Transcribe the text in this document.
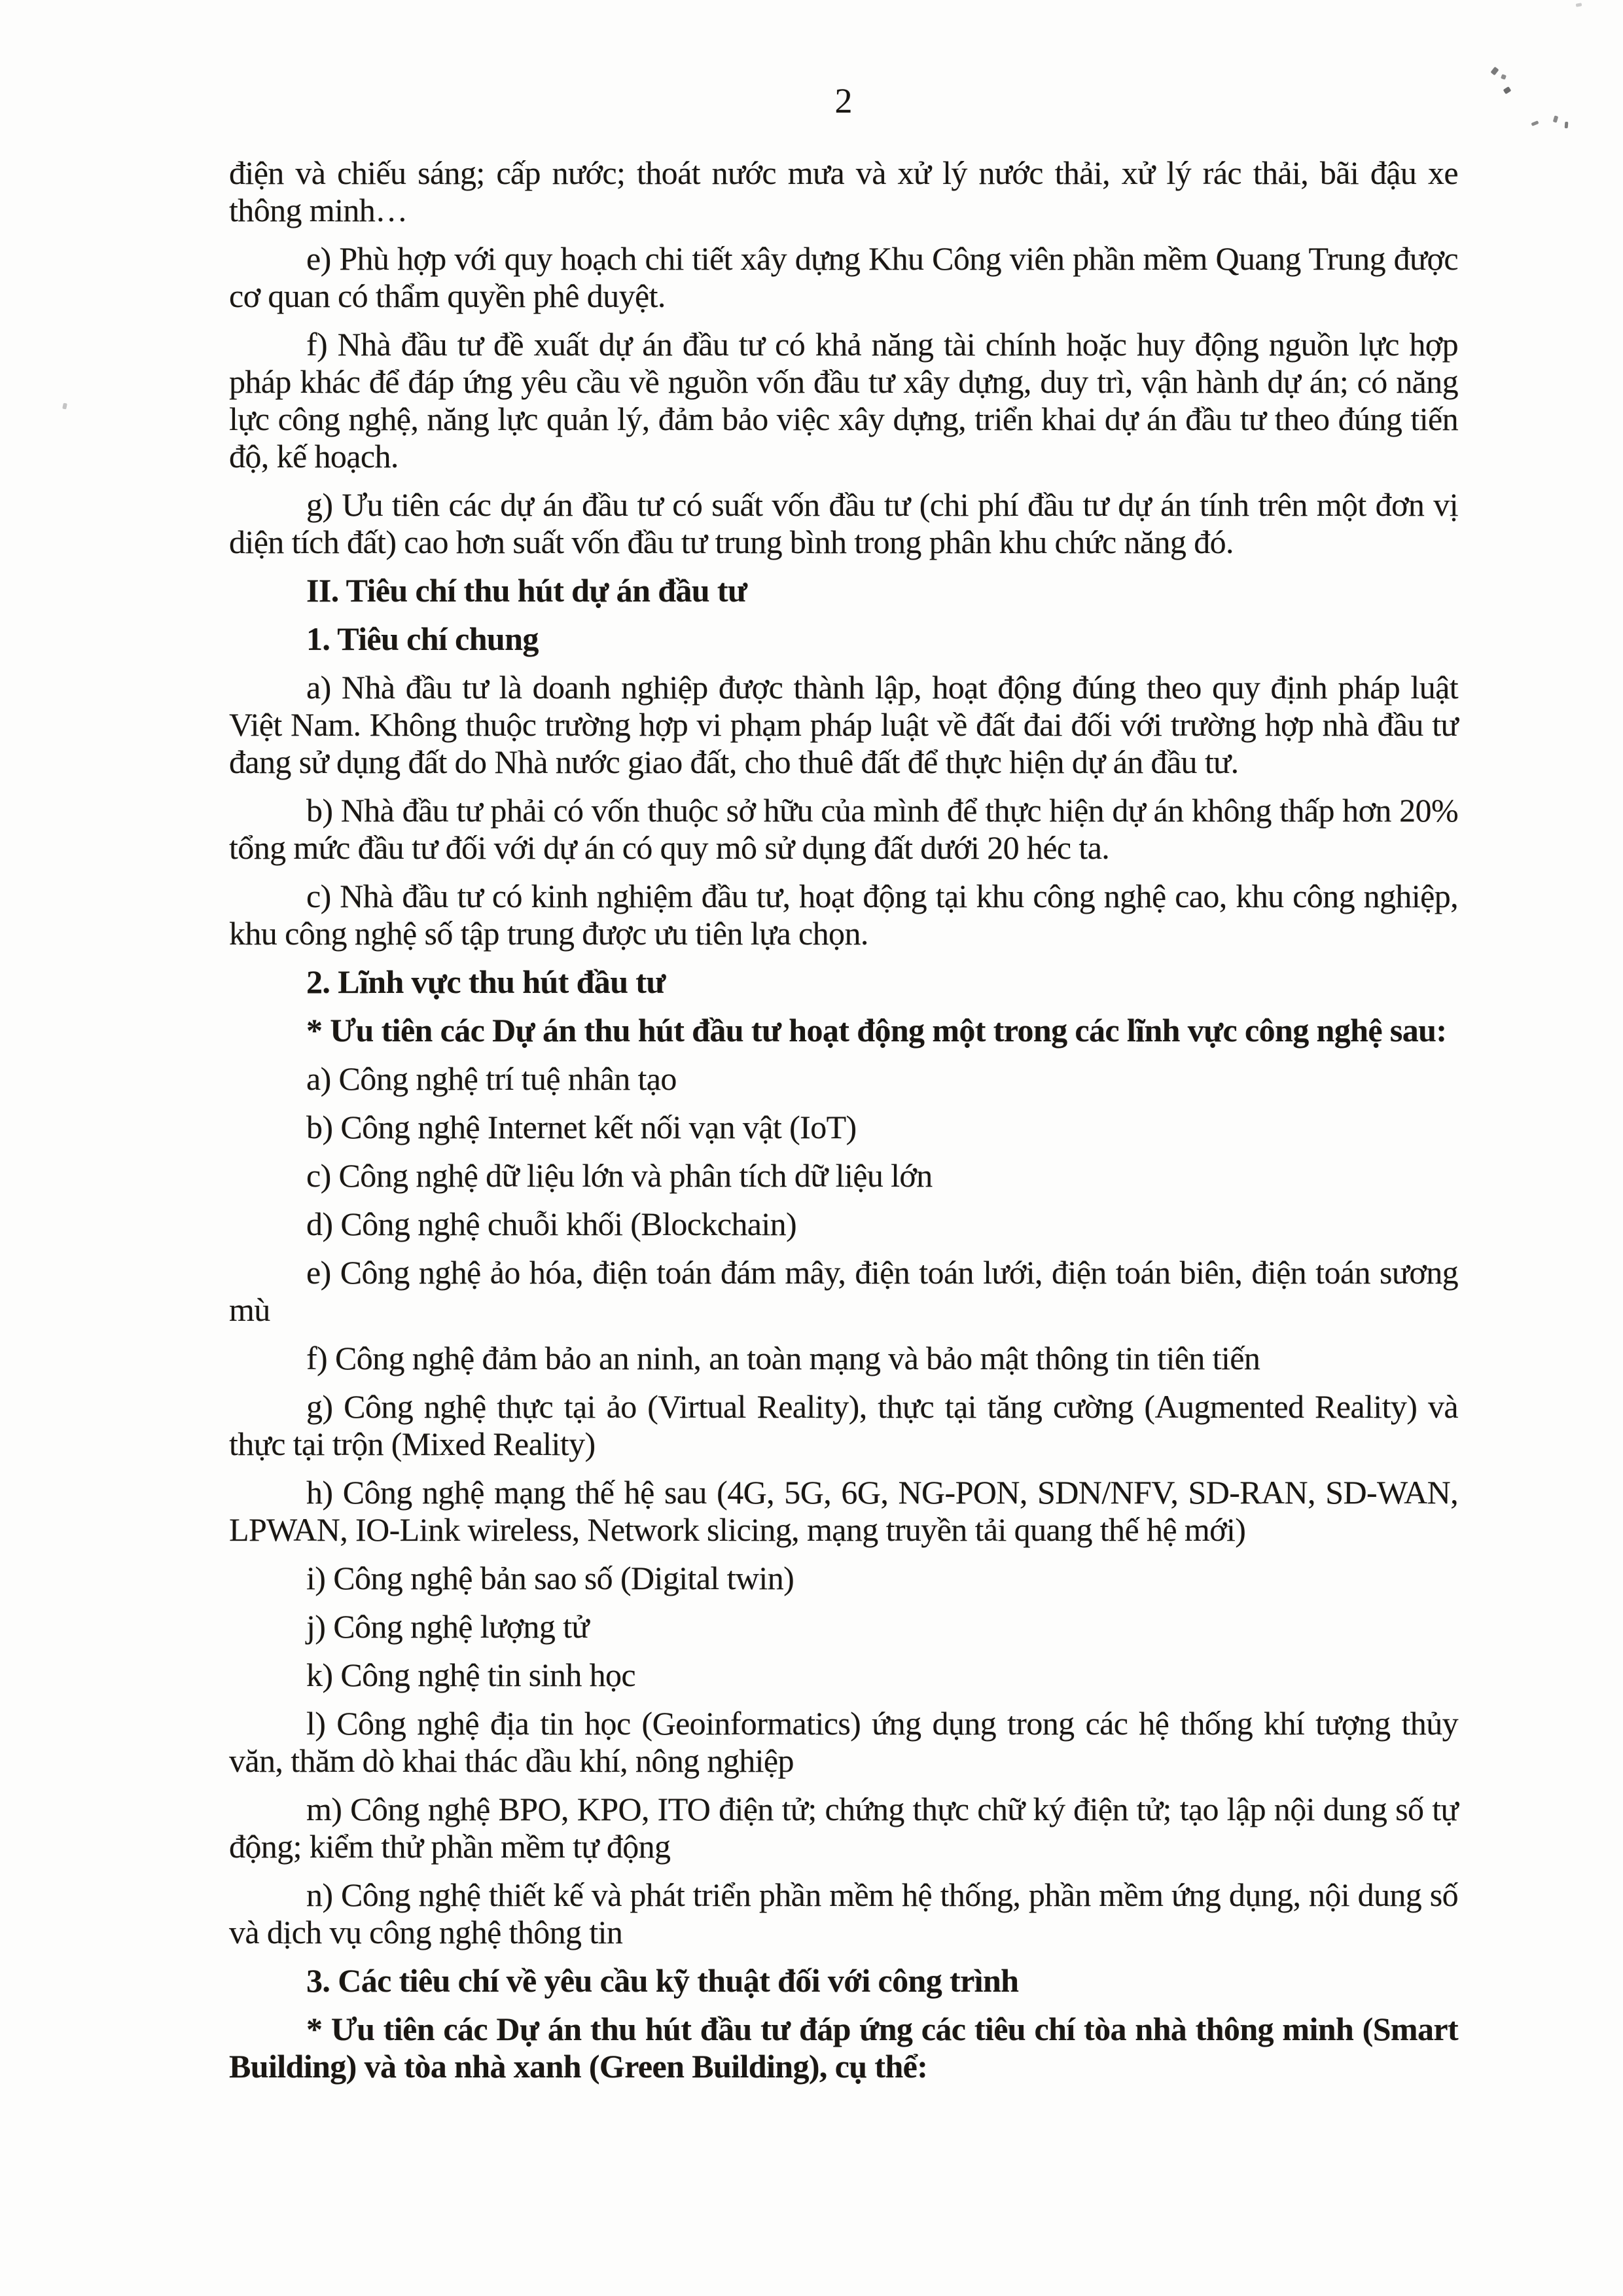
2

điện và chiếu sáng; cấp nước; thoát nước mưa và xử lý nước thải, xử lý rác thải, bãi đậu xe thông minh…

e) Phù hợp với quy hoạch chi tiết xây dựng Khu Công viên phần mềm Quang Trung được cơ quan có thẩm quyền phê duyệt.

f) Nhà đầu tư đề xuất dự án đầu tư có khả năng tài chính hoặc huy động nguồn lực hợp pháp khác để đáp ứng yêu cầu về nguồn vốn đầu tư xây dựng, duy trì, vận hành dự án; có năng lực công nghệ, năng lực quản lý, đảm bảo việc xây dựng, triển khai dự án đầu tư theo đúng tiến độ, kế hoạch.

g) Ưu tiên các dự án đầu tư có suất vốn đầu tư (chi phí đầu tư dự án tính trên một đơn vị diện tích đất) cao hơn suất vốn đầu tư trung bình trong phân khu chức năng đó.

II. Tiêu chí thu hút dự án đầu tư

1. Tiêu chí chung

a) Nhà đầu tư là doanh nghiệp được thành lập, hoạt động đúng theo quy định pháp luật Việt Nam. Không thuộc trường hợp vi phạm pháp luật về đất đai đối với trường hợp nhà đầu tư đang sử dụng đất do Nhà nước giao đất, cho thuê đất để thực hiện dự án đầu tư.

b) Nhà đầu tư phải có vốn thuộc sở hữu của mình để thực hiện dự án không thấp hơn 20% tổng mức đầu tư đối với dự án có quy mô sử dụng đất dưới 20 héc ta.

c) Nhà đầu tư có kinh nghiệm đầu tư, hoạt động tại khu công nghệ cao, khu công nghiệp, khu công nghệ số tập trung được ưu tiên lựa chọn.

2. Lĩnh vực thu hút đầu tư

* Ưu tiên các Dự án thu hút đầu tư hoạt động một trong các lĩnh vực công nghệ sau:

a) Công nghệ trí tuệ nhân tạo

b) Công nghệ Internet kết nối vạn vật (IoT)

c) Công nghệ dữ liệu lớn và phân tích dữ liệu lớn

d) Công nghệ chuỗi khối (Blockchain)

e) Công nghệ ảo hóa, điện toán đám mây, điện toán lưới, điện toán biên, điện toán sương mù

f) Công nghệ đảm bảo an ninh, an toàn mạng và bảo mật thông tin tiên tiến

g) Công nghệ thực tại ảo (Virtual Reality), thực tại tăng cường (Augmented Reality) và thực tại trộn (Mixed Reality)

h) Công nghệ mạng thế hệ sau (4G, 5G, 6G, NG-PON, SDN/NFV, SD-RAN, SD-WAN, LPWAN, IO-Link wireless, Network slicing, mạng truyền tải quang thế hệ mới)

i) Công nghệ bản sao số (Digital twin)

j) Công nghệ lượng tử

k) Công nghệ tin sinh học

l) Công nghệ địa tin học (Geoinformatics) ứng dụng trong các hệ thống khí tượng thủy văn, thăm dò khai thác dầu khí, nông nghiệp

m) Công nghệ BPO, KPO, ITO điện tử; chứng thực chữ ký điện tử; tạo lập nội dung số tự động; kiểm thử phần mềm tự động

n) Công nghệ thiết kế và phát triển phần mềm hệ thống, phần mềm ứng dụng, nội dung số và dịch vụ công nghệ thông tin

3. Các tiêu chí về yêu cầu kỹ thuật đối với công trình

* Ưu tiên các Dự án thu hút đầu tư đáp ứng các tiêu chí tòa nhà thông minh (Smart Building) và tòa nhà xanh (Green Building), cụ thể:
